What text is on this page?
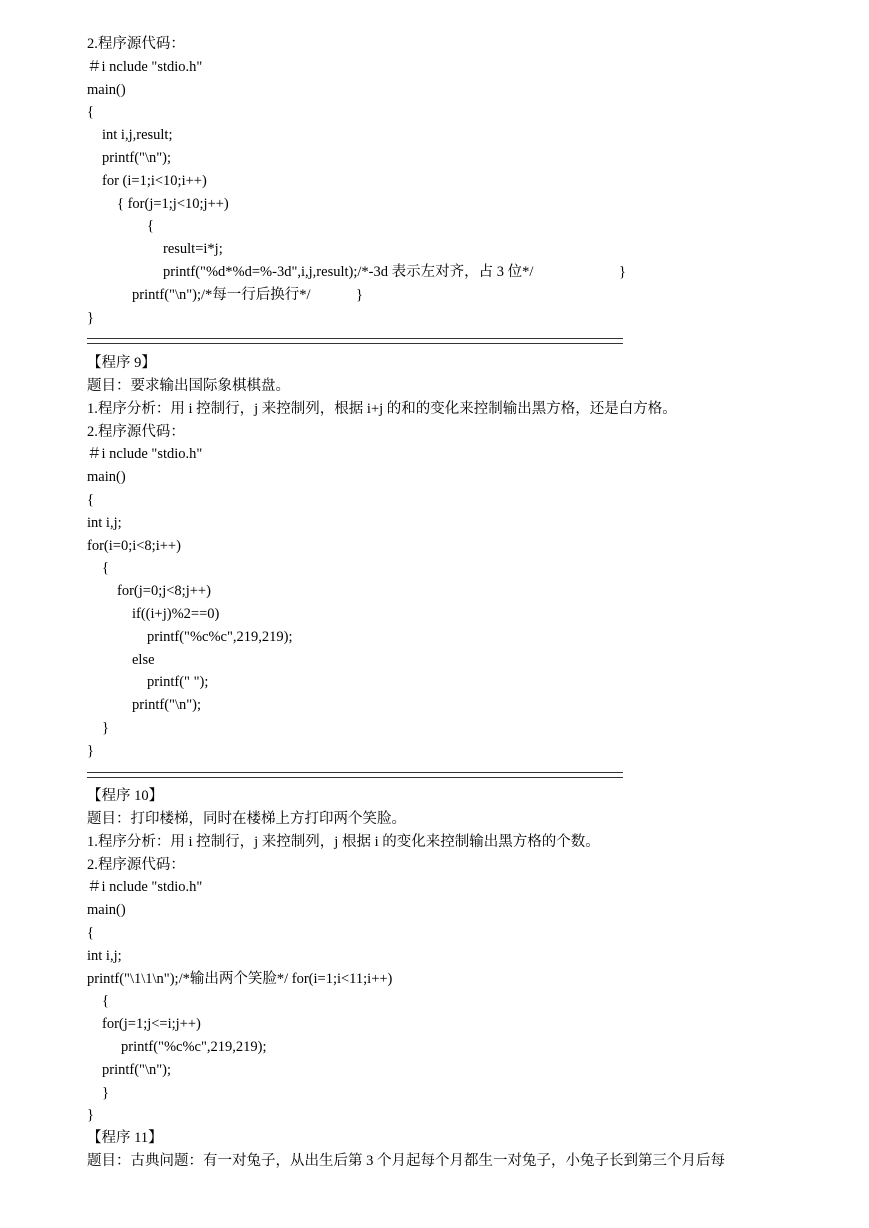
2.程序源代码：
＃i nclude "stdio.h"
main()
{
int i,j,result;
printf("\n");
for (i=1;i<10;i++)
{ for(j=1;j<10;j++)
{
result=i*j;
printf("%d*%d=%-3d",i,j,result);/*-3d 表示左对齐，占 3 位*/	}
printf("\n");/*每一行后换行*/	}
}
【程序 9】
题目：要求输出国际象棋棋盘。
1.程序分析：用 i 控制行，j 来控制列，根据 i+j 的和的变化来控制输出黑方格，还是白方格。
2.程序源代码：
＃i nclude "stdio.h"
main()
{
int i,j;
for(i=0;i<8;i++)
{
for(j=0;j<8;j++)
if((i+j)%2==0)
printf("%c%c",219,219);
else
printf(" ");
printf("\n");
}
}
【程序 10】
题目：打印楼梯，同时在楼梯上方打印两个笑脸。
1.程序分析：用 i 控制行，j 来控制列，j 根据 i 的变化来控制输出黑方格的个数。
2.程序源代码：
＃i nclude "stdio.h"
main()
{
int i,j;
printf("\1\1\n");/*输出两个笑脸*/ for(i=1;i<11;i++)
{
for(j=1;j<=i;j++)
printf("%c%c",219,219);
printf("\n");
}
}
【程序 11】
题目：古典问题：有一对兔子，从出生后第 3 个月起每个月都生一对兔子，小兔子长到第三个月后每
